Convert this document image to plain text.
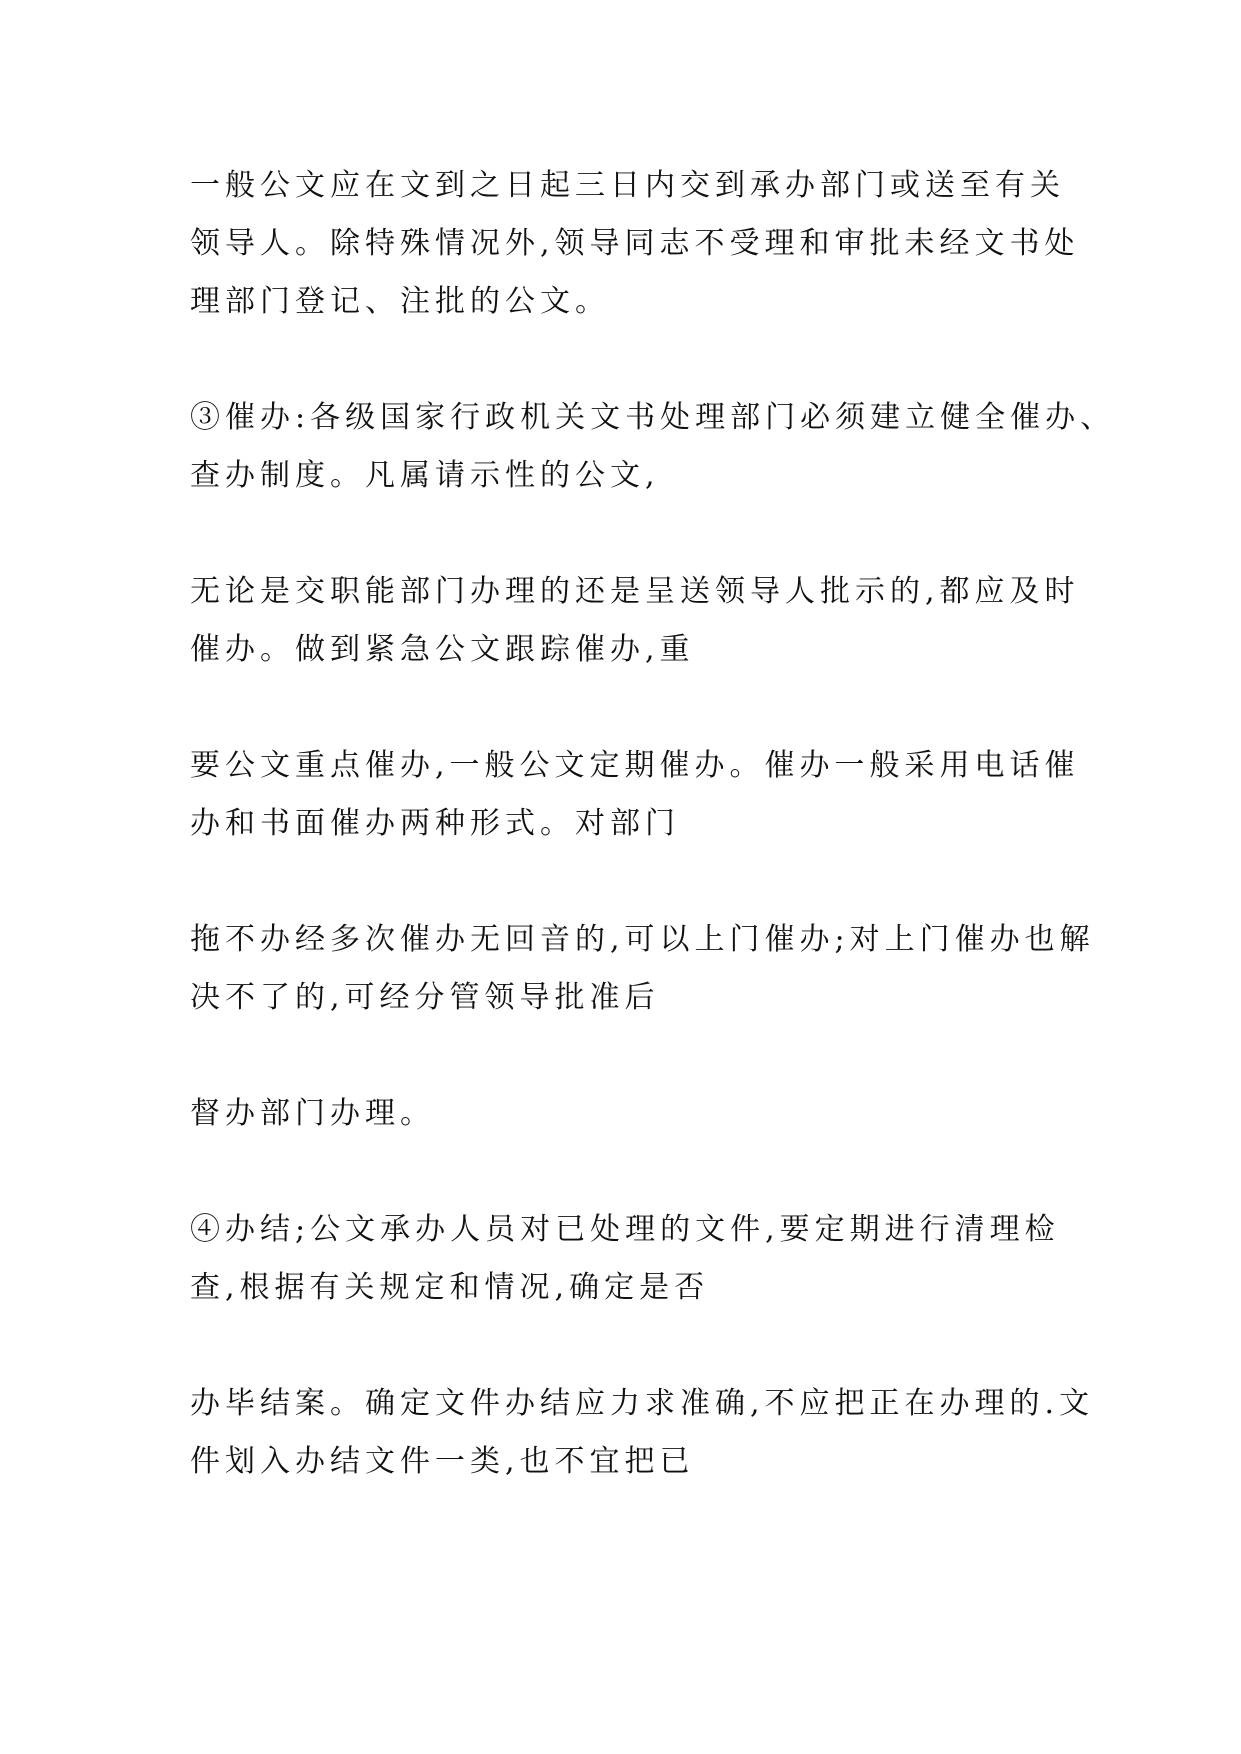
一般公文应在文到之日起三日内交到承办部门或送至有关
领导人。除特殊情况外,领导同志不受理和审批未经文书处
理部门登记、注批的公文。

③催办:各级国家行政机关文书处理部门必须建立健全催办、
查办制度。凡属请示性的公文,

无论是交职能部门办理的还是呈送领导人批示的,都应及时
催办。做到紧急公文跟踪催办,重

要公文重点催办,一般公文定期催办。催办一般采用电话催
办和书面催办两种形式。对部门

拖不办经多次催办无回音的,可以上门催办;对上门催办也解
决不了的,可经分管领导批准后

督办部门办理。

④办结;公文承办人员对已处理的文件,要定期进行清理检
查,根据有关规定和情况,确定是否

办毕结案。确定文件办结应力求准确,不应把正在办理的.文
件划入办结文件一类,也不宜把已
